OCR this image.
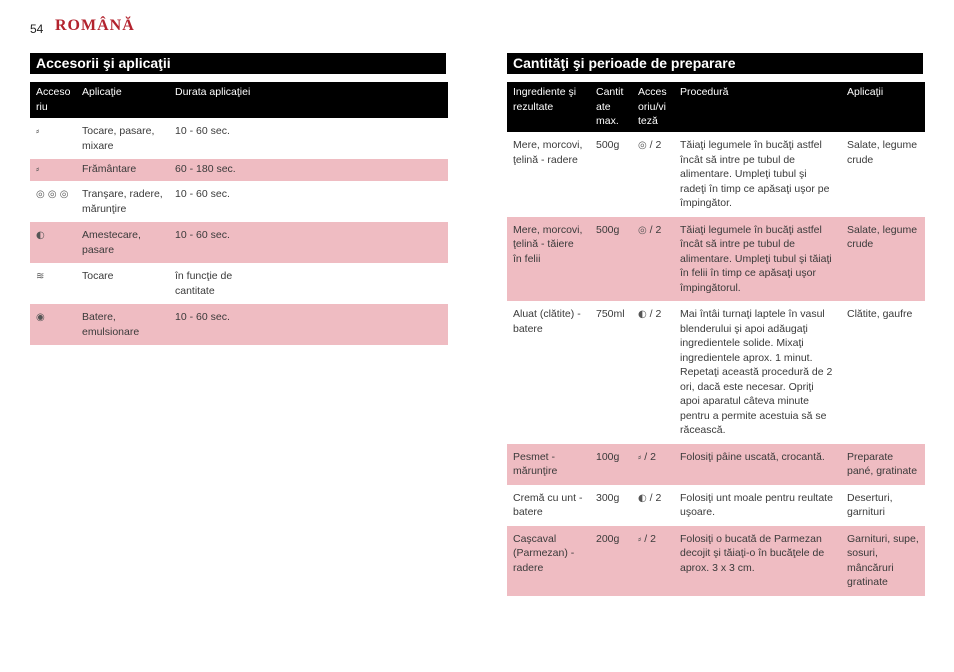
54 ROMÂNĂ
Accesorii şi aplicaţii	Cantităţi şi perioade de preparare
Acceso riu	Aplicaţie	Durata aplicaţiei
⸗	Tocare, pasare, mixare	10 - 60 sec.
⸗	Frământare	60 - 180 sec.
◎ ◎ ◎	Tranşare, radere, mărunţire	10 - 60 sec.
◐	Amestecare, pasare	10 - 60 sec.
≋	Tocare	în funcţie de cantitate

◉	Batere, emulsionare	10 - 60 sec.
Ingrediente şi rezultate	Cantit ate max.	Acces oriu/vi teză	Procedură	Aplicaţii
Mere, morcovi, ţelină - radere	500g	◎ / 2	Tăiaţi legumele în bucăţi astfel încât să intre pe tubul de alimentare. Umpleţi tubul şi radeţi în timp ce apăsaţi uşor pe împingător.	Salate, legume crude
Mere, morcovi, ţelină - tăiere în felii	500g	◎ / 2	Tăiaţi legumele în bucăţi astfel încât să intre pe tubul de alimentare. Umpleţi tubul şi tăiaţi în felii în timp ce apăsaţi uşor împingătorul.	Salate, legume crude
Aluat (clătite) - batere	750ml	◐ / 2	Mai întâi turnaţi laptele în vasul blenderului şi apoi adăugaţi ingredientele solide. Mixaţi ingredientele aprox. 1 minut. Repetaţi această procedură de 2 ori, dacă este necesar. Opriţi apoi aparatul câteva minute pentru a permite acestuia să se răcească.	Clătite, gaufre
Pesmet - mărunţire	100g	⸗ / 2	Folosiţi pâine uscată, crocantă.	Preparate pané, gratinate
Cremă cu unt - batere	300g	◐ / 2	Folosiţi unt moale pentru reultate uşoare.	Deserturi, garnituri
Caşcaval (Parmezan) - radere	200g	⸗ / 2	Folosiţi o bucată de Parmezan decojit şi tăiaţi-o în bucăţele de aprox. 3 x 3 cm.	Garnituri, supe, sosuri, mâncăruri gratinate
